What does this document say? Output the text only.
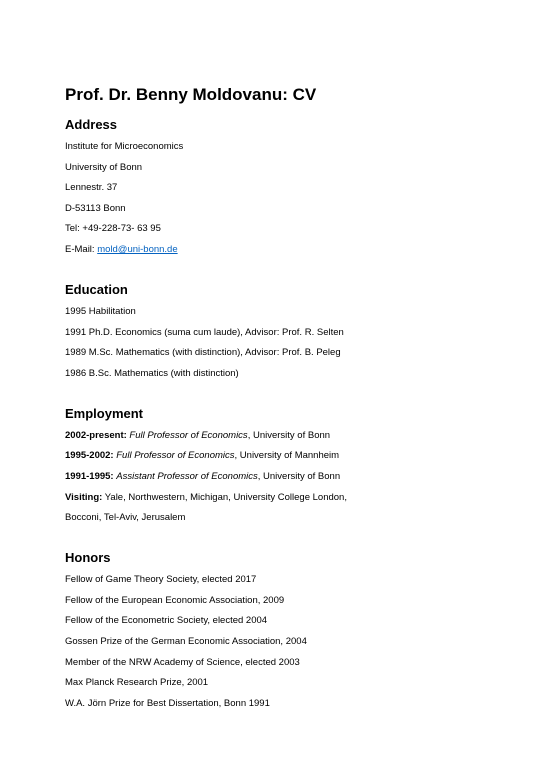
Prof. Dr. Benny Moldovanu: CV
Address

Institute for Microeconomics

University of Bonn

Lennestr. 37

D-53113 Bonn

Tel: +49-228-73- 63 95

E-Mail: mold@uni-bonn.de

Education

1995 Habilitation

1991 Ph.D. Economics (suma cum laude), Advisor: Prof. R. Selten

1989 M.Sc. Mathematics (with distinction), Advisor: Prof. B. Peleg

1986 B.Sc. Mathematics (with distinction)

Employment

2002-present: Full Professor of Economics, University of Bonn

1995-2002: Full Professor of Economics, University of Mannheim

1991-1995: Assistant Professor of Economics, University of Bonn

Visiting: Yale, Northwestern, Michigan, University College London,

Bocconi, Tel-Aviv, Jerusalem

Honors

Fellow of Game Theory Society, elected 2017

Fellow of the European Economic Association, 2009

Fellow of the Econometric Society, elected 2004

Gossen Prize of the German Economic Association, 2004

Member of the NRW Academy of Science, elected 2003

Max Planck Research Prize, 2001

W.A. Jörn Prize for Best Dissertation, Bonn 1991
